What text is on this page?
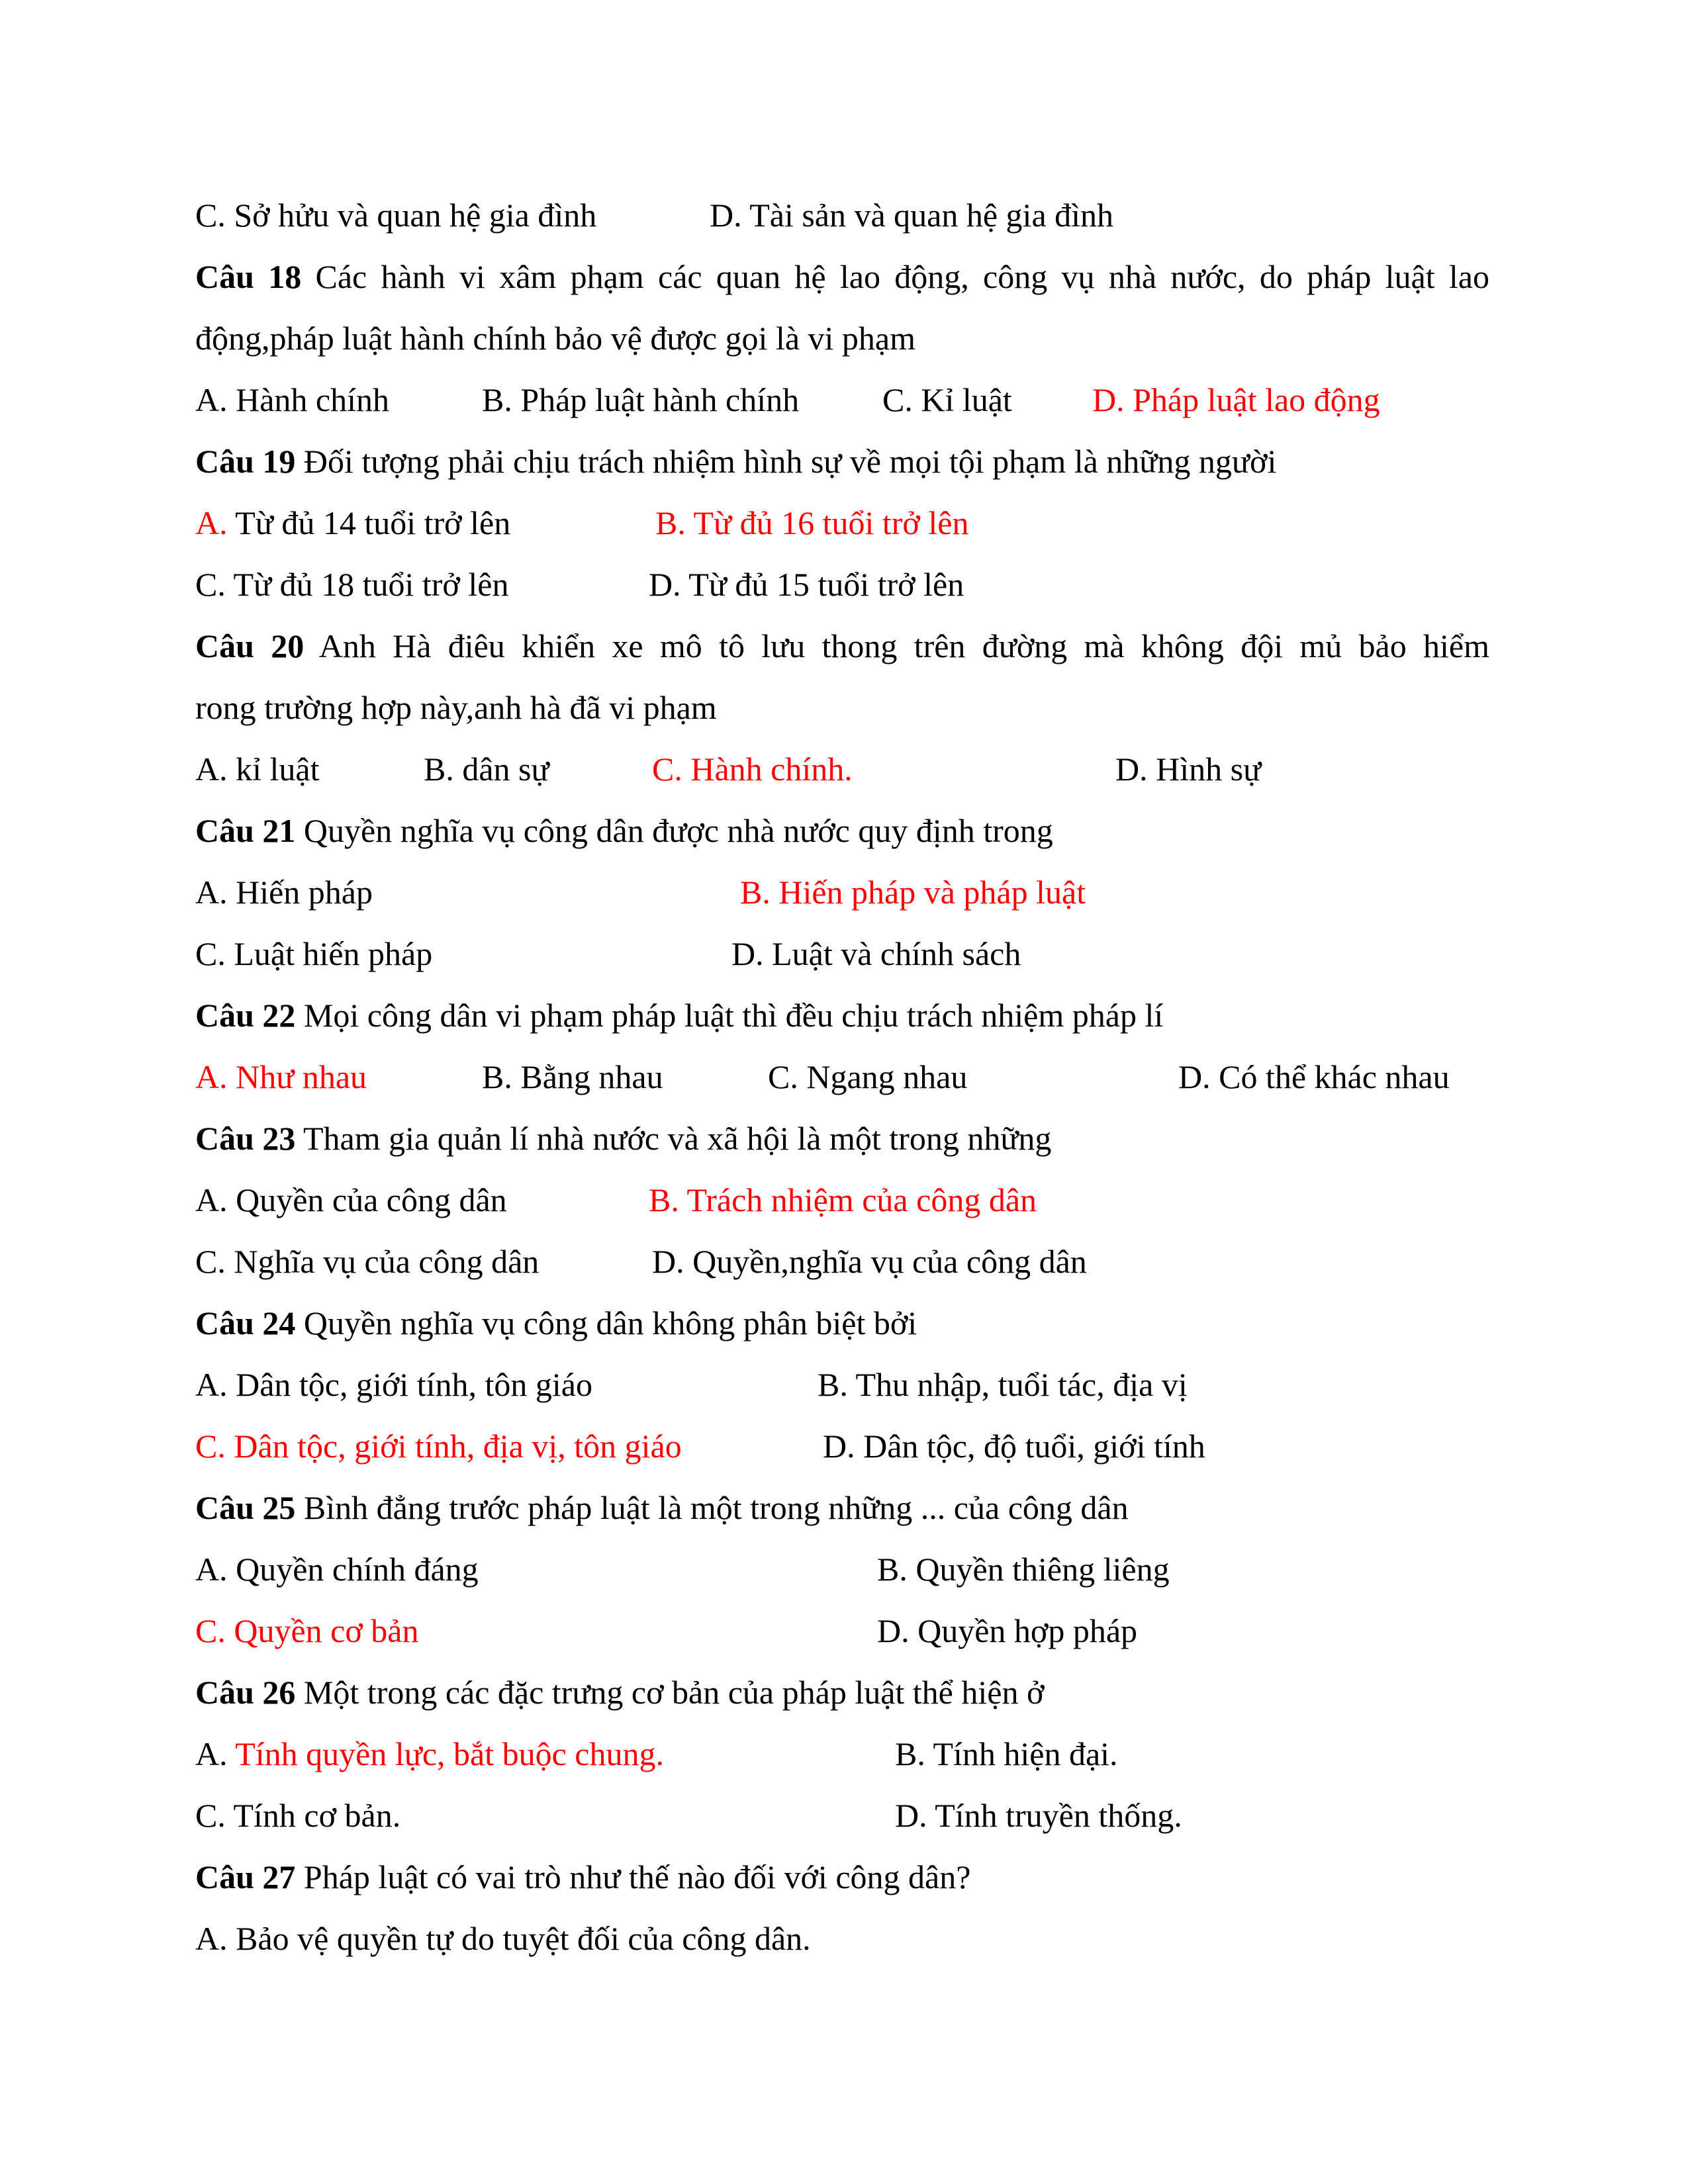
C. Sở hửu và quan hệ gia đình	D. Tài sản và quan hệ gia đình
Câu 18 Các hành vi xâm phạm các quan hệ lao động, công vụ nhà nước, do pháp luật lao
động,pháp luật hành chính bảo vệ được gọi là vi phạm
A. Hành chính	B. Pháp luật hành chính	C. Kỉ luật D. Pháp luật lao động
Câu 19 Đối tượng phải chịu trách nhiệm hình sự về mọi tội phạm là những người
A. Từ đủ 14 tuổi trở lên	B. Từ đủ 16 tuổi trở lên
C. Từ đủ 18 tuổi trở lên	D. Từ đủ 15 tuổi trở lên
Câu 20 Anh Hà điêu khiển xe mô tô lưu thong trên đường mà không đội mủ bảo hiểm
rong trường hợp này,anh hà đã vi phạm
A. kỉ luật	B. dân sự	C. Hành chính.	D. Hình sự
Câu 21 Quyền nghĩa vụ công dân được nhà nước quy định trong
A. Hiến pháp	B. Hiến pháp và pháp luật
C. Luật hiến pháp	D. Luật và chính sách
Câu 22 Mọi công dân vi phạm pháp luật thì đều chịu trách nhiệm pháp lí
A. Như nhau	B. Bằng nhau	C. Ngang nhau	D. Có thể khác nhau
Câu 23 Tham gia quản lí nhà nước và xã hội là một trong những
A. Quyền của công dân	B. Trách nhiệm của công dân
C. Nghĩa vụ của công dân	D. Quyền,nghĩa vụ của công dân
Câu 24 Quyền nghĩa vụ công dân không phân biệt bởi
A. Dân tộc, giới tính, tôn giáo	B. Thu nhập, tuổi tác, địa vị
C. Dân tộc, giới tính, địa vị, tôn giáo	D. Dân tộc, độ tuổi, giới tính
Câu 25 Bình đẳng trước pháp luật là một trong những ... của công dân
A. Quyền chính đáng	B. Quyền thiêng liêng
C. Quyền cơ bản	D. Quyền hợp pháp
Câu 26 Một trong các đặc trưng cơ bản của pháp luật thể hiện ở
A. Tính quyền lực, bắt buộc chung.	B. Tính hiện đại.
C. Tính cơ bản.	D. Tính truyền thống.
Câu 27 Pháp luật có vai trò như thế nào đối với công dân?
A. Bảo vệ quyền tự do tuyệt đối của công dân.
